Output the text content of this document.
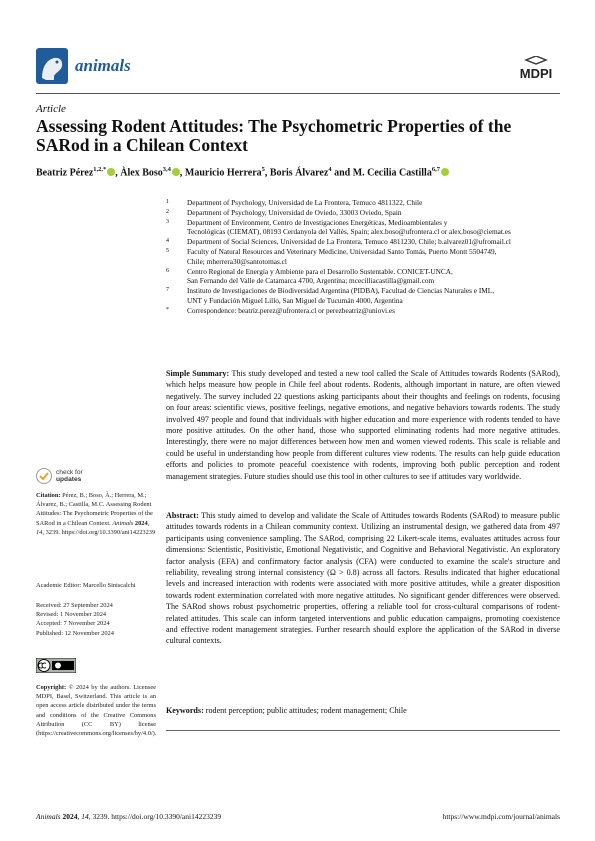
animals	MDPI
Article
Assessing Rodent Attitudes: The Psychometric Properties of the SARod in a Chilean Context
Beatriz Pérez$^{1,2,*}$ , Àlex Boso$^{3,4}$ , Mauricio Herrera$^5$, Boris Álvarez$^4$ and M. Cecilia Castilla$^{6,7}$
1 Department of Psychology, Universidad de La Frontera, Temuco 4811322, Chile
2 Department of Psychology, Universidad de Oviedo, 33003 Oviedo, Spain
3 Department of Environment, Centro de Investigaciones Energéticas, Medioambientales y
Tecnológicas (CIEMAT), 08193 Cerdanyola del Vallès, Spain; alex.boso@ufrontera.cl or alex.boso@ciemat.es
4 Department of Social Sciences, Universidad de La Frontera, Temuco 4811230, Chile; b.alvarez01@ufromail.cl
5 Faculty of Natural Resources and Veterinary Medicine, Universidad Santo Tomás, Puerto Montt 5504749,
Chile; mherrera30@santotomas.cl
6 Centro Regional de Energía y Ambiente para el Desarrollo Sustentable. CONICET-UNCA,
San Fernando del Valle de Catamarca 4700, Argentina; mcecilliacastilla@gmail.com
7 Instituto de Investigaciones de Biodiversidad Argentina (PIDBA), Facultad de Ciencias Naturales e IML,
UNT y Fundación Miguel Lillo, San Miguel de Tucumán 4000, Argentina
* Correspondence: beatriz.perez@ufrontera.cl or perezbeatriz@uniovi.es
Simple Summary: This study developed and tested a new tool called the Scale of Attitudes towards Rodents (SARod), which helps measure how people in Chile feel about rodents. Rodents, although important in nature, are often viewed negatively. The survey included 22 questions asking participants about their thoughts and feelings on rodents, focusing on four areas: scientific views, positive feelings, negative emotions, and negative behaviors towards rodents. The study involved 497 people and found that individuals with higher education and more experience with rodents tended to have more positive attitudes. On the other hand, those who supported eliminating rodents had more negative attitudes. Interestingly, there were no major differences between how men and women viewed rodents. This scale is reliable and could be useful in understanding how people from different cultures view rodents. The results can help guide education efforts and policies to promote peaceful coexistence with rodents, improving both public perception and rodent management strategies. Future studies should use this tool in other cultures to see if attitudes vary worldwide.
Abstract: This study aimed to develop and validate the Scale of Attitudes towards Rodents (SARod) to measure public attitudes towards rodents in a Chilean community context. Utilizing an instrumental design, we gathered data from 497 participants using convenience sampling. The SARod, comprising 22 Likert-scale items, evaluates attitudes across four dimensions: Scientistic, Positivistic, Emotional Negativistic, and Cognitive and Behavioral Negativistic. An exploratory factor analysis (EFA) and confirmatory factor analysis (CFA) were conducted to examine the scale's structure and reliability, revealing strong internal consistency (Ω > 0.8) across all factors. Results indicated that higher educational levels and increased interaction with rodents were associated with more positive attitudes, while a greater disposition towards rodent extermination correlated with more negative attitudes. No significant gender differences were observed. The SARod shows robust psychometric properties, offering a reliable tool for cross-cultural comparisons of rodent-related attitudes. This scale can inform targeted interventions and public education campaigns, promoting coexistence and effective rodent management strategies. Further research should explore the application of the SARod in diverse cultural contexts.
Keywords: rodent perception; public attitudes; rodent management; Chile
check for
updates
Citation: Pérez, B.; Boso, À.; Herrera, M.; Álvarez, B.; Castilla, M.C. Assessing Rodent Attitudes: The Psychometric Properties of the SARod in a Chilean Context. Animals 2024, 14, 3239. https://doi.org/10.3390/ani14223239
Academic Editor: Marcello Siniscalchi
Received: 27 September 2024
Revised: 1 November 2024
Accepted: 7 November 2024
Published: 12 November 2024
Copyright: © 2024 by the authors. Licensee MDPI, Basel, Switzerland. This article is an open access article distributed under the terms and conditions of the Creative Commons Attribution (CC BY) license (https://creativecommons.org/licenses/by/4.0/).
Animals 2024, 14, 3239. https://doi.org/10.3390/ani14223239	https://www.mdpi.com/journal/animals
